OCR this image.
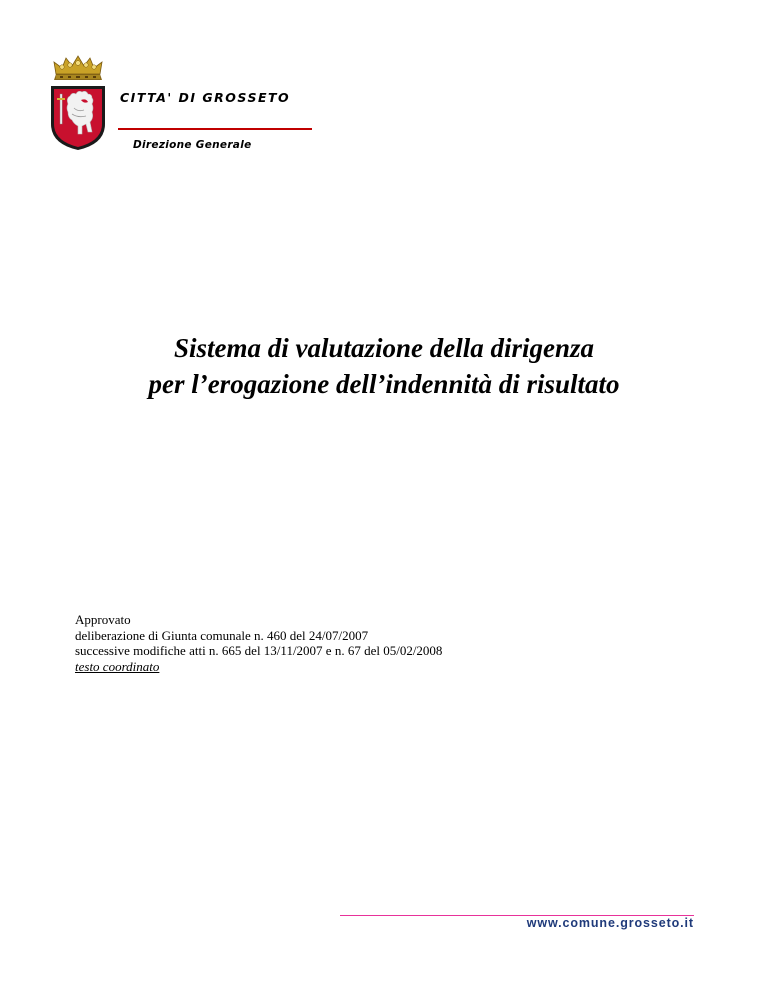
CITTA' DI GROSSETO
Direzione Generale
Sistema di valutazione della dirigenza
per l’erogazione dell’indennità di risultato
Approvato
deliberazione di Giunta comunale n. 460 del 24/07/2007
successive modifiche atti n. 665 del 13/11/2007 e n. 67 del 05/02/2008
testo coordinato
www.comune.grosseto.it
